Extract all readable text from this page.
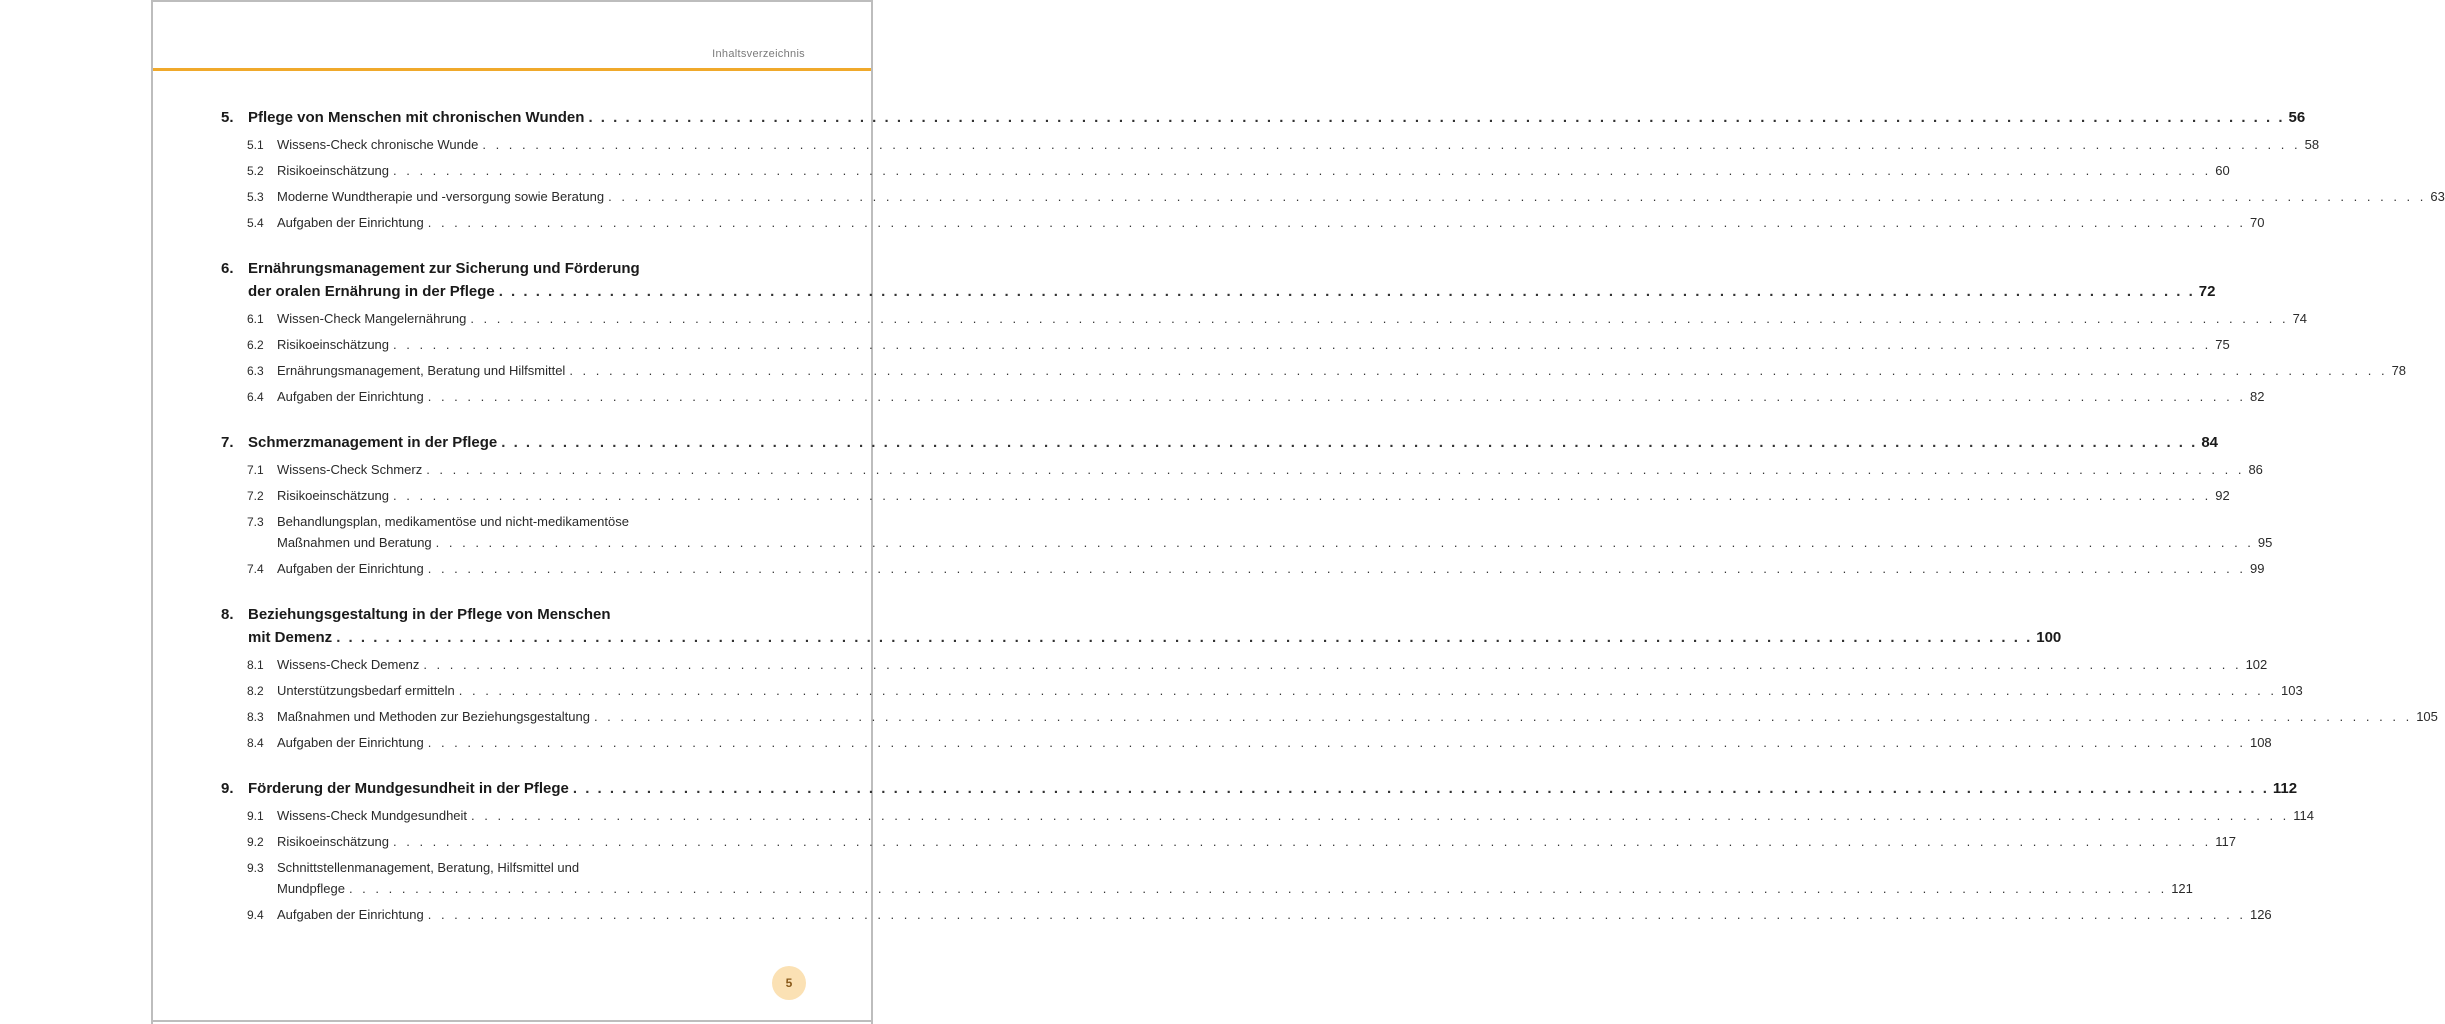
Inhaltsverzeichnis
5. Pflege von Menschen mit chronischen Wunden . . .	56
5.1	Wissens-Check chronische Wunde . . .	58
5.2	Risikoeinschätzung . . .	60
5.3	Moderne Wundtherapie und -versorgung sowie Beratung . . .	63
5.4	Aufgaben der Einrichtung . . .	70
6. Ernährungsmanagement zur Sicherung und Förderung
der oralen Ernährung in der Pflege . . .	72
6.1	Wissen-Check Mangelernährung . . .	74
6.2	Risikoeinschätzung . . .	75
6.3	Ernährungsmanagement, Beratung und Hilfsmittel . . .	78
6.4	Aufgaben der Einrichtung . . .	82
7. Schmerzmanagement in der Pflege . . .	84
7.1	Wissens-Check Schmerz . . .	86
7.2	Risikoeinschätzung . . .	92
7.3	Behandlungsplan, medikamentöse und nicht-medikamentöse
Maßnahmen und Beratung . . .	95
7.4	Aufgaben der Einrichtung . . .	99
8. Beziehungsgestaltung in der Pflege von Menschen
mit Demenz . . .	100
8.1	Wissens-Check Demenz . . .	102
8.2	Unterstützungsbedarf ermitteln . . .	103
8.3	Maßnahmen und Methoden zur Beziehungsgestaltung . . .	105
8.4	Aufgaben der Einrichtung . . .	108
9. Förderung der Mundgesundheit in der Pflege . . .	112
9.1	Wissens-Check Mundgesundheit . . .	114
9.2	Risikoeinschätzung . . .	117
9.3	Schnittstellenmanagement, Beratung, Hilfsmittel und
Mundpflege . . .	121
9.4	Aufgaben der Einrichtung . . .	126
5
